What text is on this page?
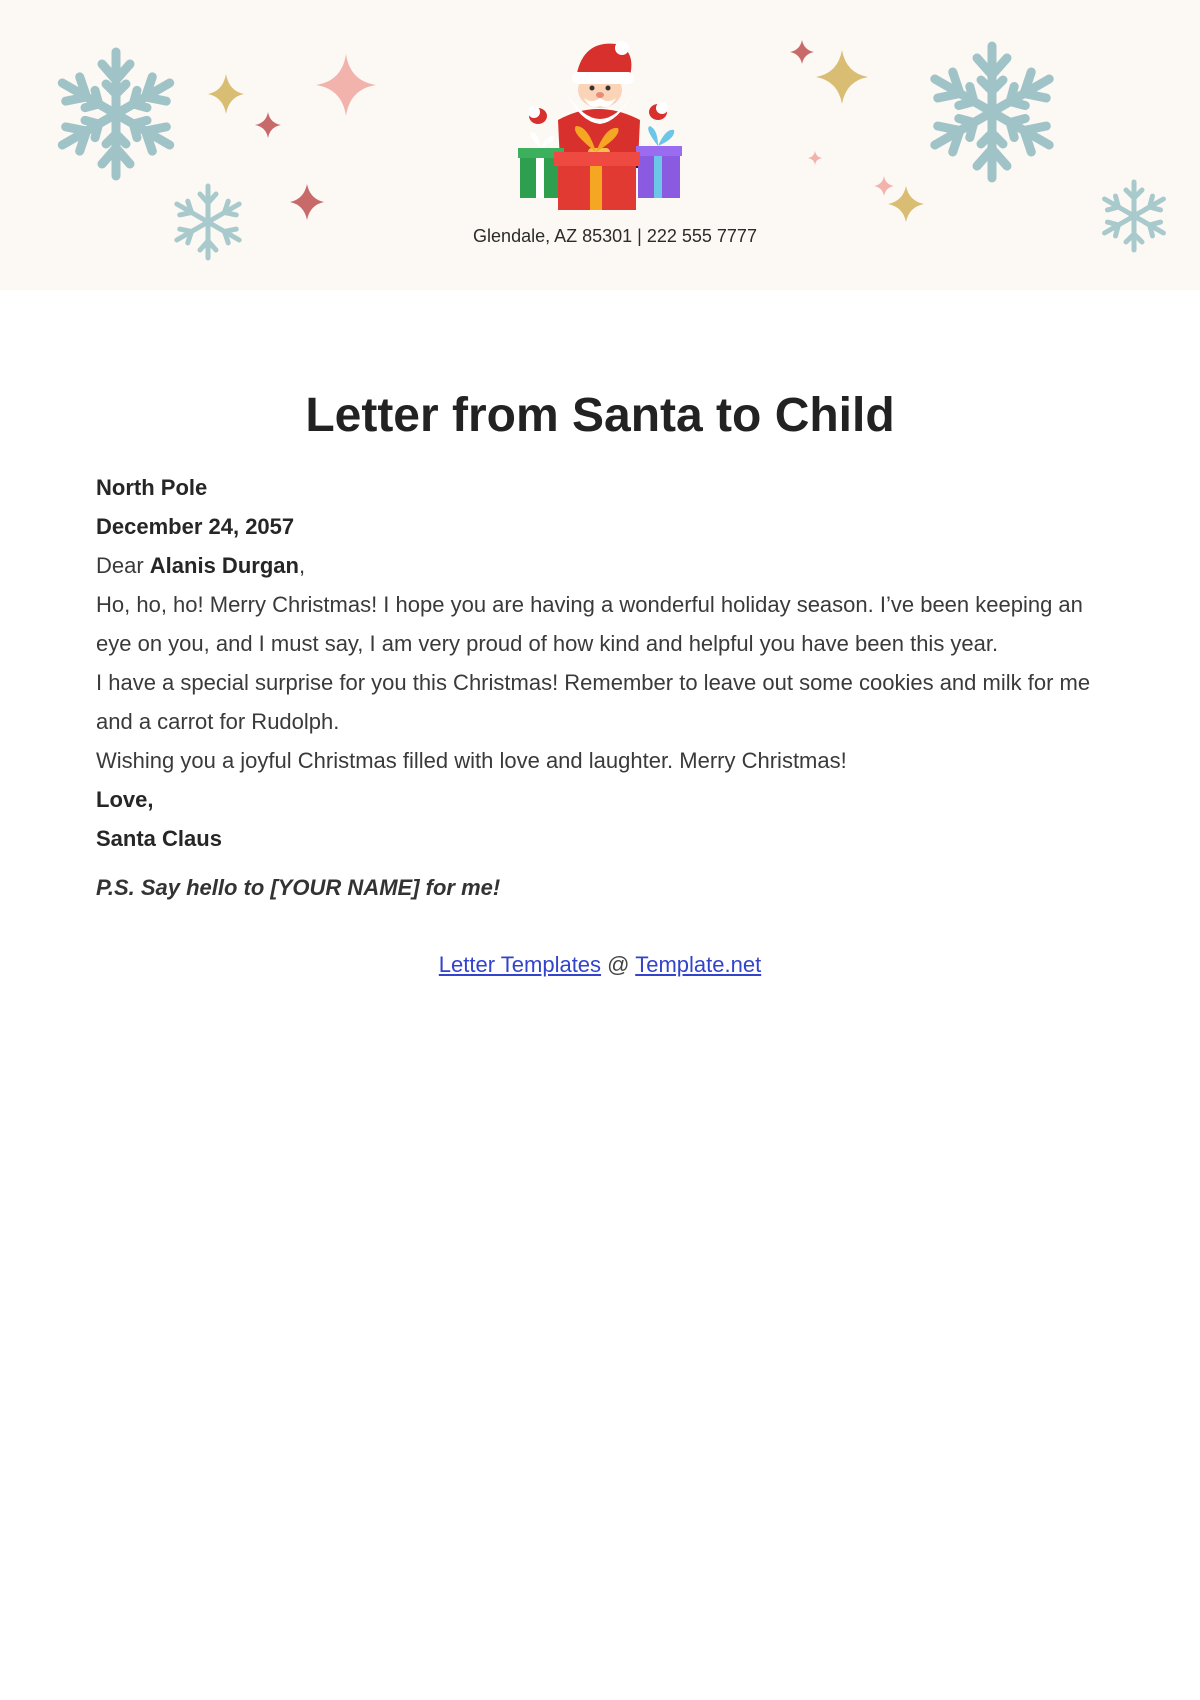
Glendale, AZ 85301 | 222 555 7777
Letter from Santa to Child

North Pole

December 24, 2057

Dear Alanis Durgan,

Ho, ho, ho! Merry Christmas! I hope you are having a wonderful holiday season. I’ve been keeping an eye on you, and I must say, I am very proud of how kind and helpful you have been this year.

I have a special surprise for you this Christmas! Remember to leave out some cookies and milk for me and a carrot for Rudolph.

Wishing you a joyful Christmas filled with love and laughter. Merry Christmas!

Love,

Santa Claus

P.S. Say hello to [YOUR NAME] for me!

Letter Templates @ Template.net
